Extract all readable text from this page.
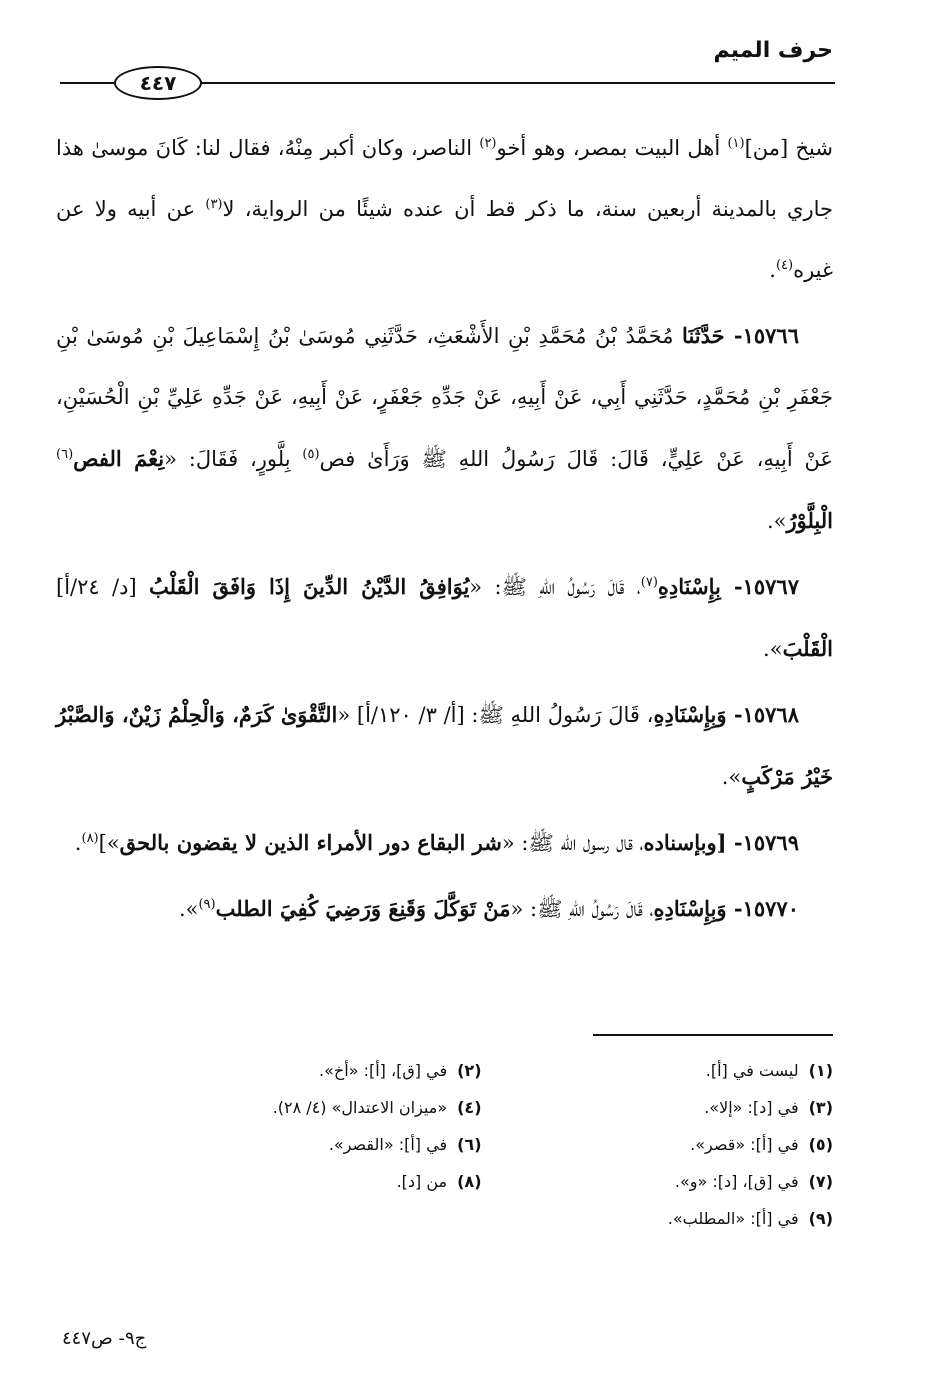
حرف الميم
٤٤٧

شيخ [من]$^{(١)}$ أهل البيت بمصر، وهو أخو$^{(٢)}$ الناصر، وكان أكبر مِنْهُ، فقال لنا: كَانَ موسىٰ هذا جاري بالمدينة أربعين سنة، ما ذكر قط أن عنده شيئًا من الرواية، لا$^{(٣)}$ عن أبيه ولا عن غيره$^{(٤)}$.

١٥٧٦٦- حَدَّثَنَا مُحَمَّدُ بْنُ مُحَمَّدِ بْنِ الأَشْعَثِ، حَدَّثَنِي مُوسَىٰ بْنُ إِسْمَاعِيلَ بْنِ مُوسَىٰ بْنِ جَعْفَرِ بْنِ مُحَمَّدٍ، حَدَّثَنِي أَبِي، عَنْ أَبِيهِ، عَنْ جَدِّهِ جَعْفَرٍ، عَنْ أَبِيهِ، عَنْ جَدِّهِ عَلِيِّ بْنِ الْحُسَيْنِ، عَنْ أَبِيهِ، عَنْ عَلِيٍّ، قَالَ: قَالَ رَسُولُ اللهِ ﷺ وَرَأَىٰ فص$^{(٥)}$ بِلَّورٍ، فَقَالَ: «نِعْمَ الفص$^{(٦)}$ الْبِلَّوْرُ».

١٥٧٦٧- بِإِسْنَادِهِ$^{(٧)}$، قَالَ رَسُولُ اللهِ ﷺ: «يُوَافِقُ الدَّيْنُ الدِّينَ إِذَا وَافَقَ الْقَلْبُ [د/ ٢٤/أ] الْقَلْبَ».

١٥٧٦٨- وَبِإِسْنَادِهِ، قَالَ رَسُولُ اللهِ ﷺ: [أ/ ٣/ ١٢٠/أ] «التَّقْوَىٰ كَرَمٌ، وَالْحِلْمُ زَيْنٌ، وَالصَّبْرُ خَيْرُ مَرْكَبٍ».

١٥٧٦٩- [وبإسناده، قال رسول الله ﷺ: «شر البقاع دور الأمراء الذين لا يقضون بالحق»]$^{(٨)}$.

١٥٧٧٠- وَبِإِسْنَادِهِ، قَالَ رَسُولُ اللهِ ﷺ: «مَنْ تَوَكَّلَ وَقَنِعَ وَرَضِيَ كُفِيَ الطلب$^{(٩)}$».

(١)ليست في [أ].
(٢)في [ق]، [أ]: «أخ».
(٣)في [د]: «إلا».
(٤)«ميزان الاعتدال» (٤/ ٢٨).
(٥)في [أ]: «قصر».
(٦)في [أ]: «القصر».
(٧)في [ق]، [د]: «و».
(٨)من [د].
(٩)في [أ]: «المطلب».
ج٩- ص٤٤٧
